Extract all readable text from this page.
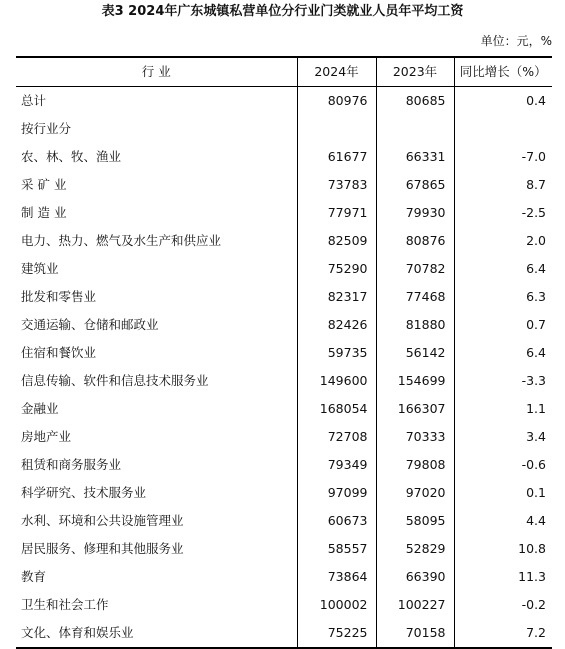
表3 2024年广东城镇私营单位分行业门类就业人员年平均工资
单位：元，%
行 业	2024年	2023年	同比增长（%）
总计	80976	80685	0.4
按行业分			
农、林、牧、渔业	61677	66331	-7.0
采 矿 业	73783	67865	8.7
制 造 业	77971	79930	-2.5
电力、热力、燃气及水生产和供应业	82509	80876	2.0
建筑业	75290	70782	6.4
批发和零售业	82317	77468	6.3
交通运输、仓储和邮政业	82426	81880	0.7
住宿和餐饮业	59735	56142	6.4
信息传输、软件和信息技术服务业	149600	154699	-3.3
金融业	168054	166307	1.1
房地产业	72708	70333	3.4
租赁和商务服务业	79349	79808	-0.6
科学研究、技术服务业	97099	97020	0.1
水利、环境和公共设施管理业	60673	58095	4.4
居民服务、修理和其他服务业	58557	52829	10.8
教育	73864	66390	11.3
卫生和社会工作	100002	100227	-0.2
文化、体育和娱乐业	75225	70158	7.2
